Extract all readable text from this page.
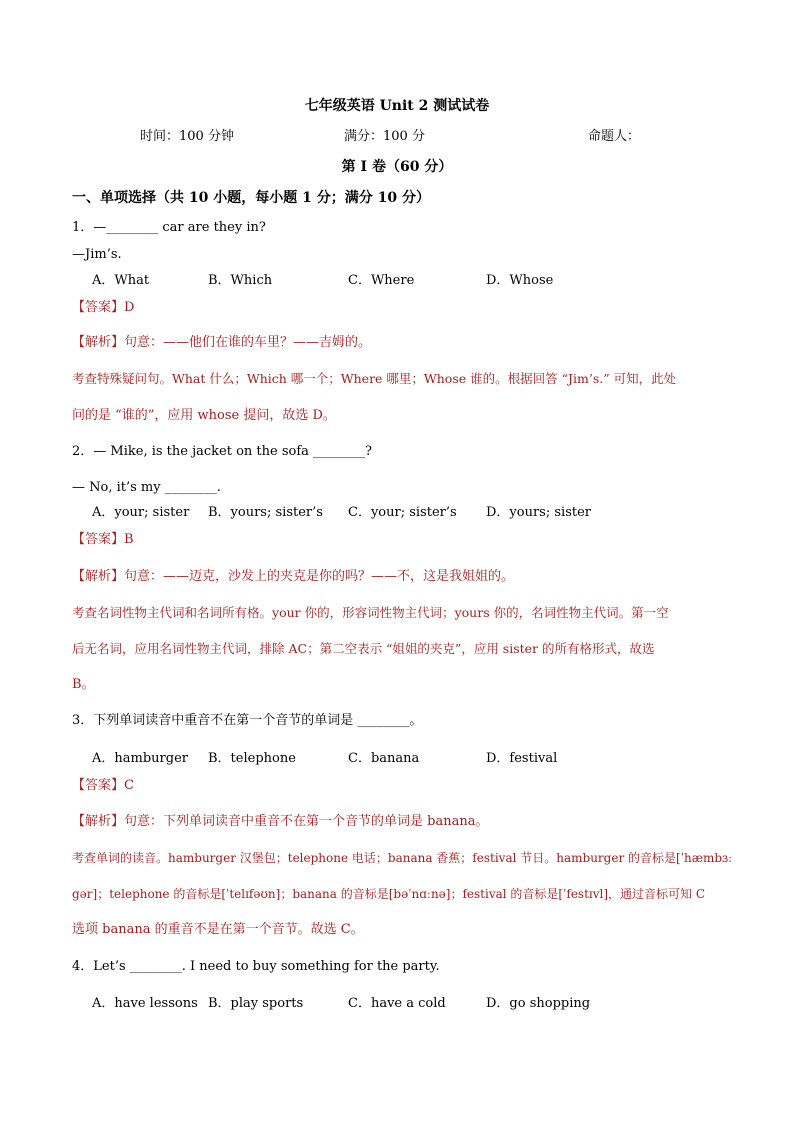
七年级英语 Unit 2 测试试卷
时间：100 分钟	满分：100 分	命题人：
第 I 卷（60 分）
一、单项选择（共 10 小题，每小题 1 分；满分 10 分）
1．—________ car are they in?
—Jim’s.
A．What	B．Which	C．Where	D．Whose
【答案】D
【解析】句意：——他们在谁的车里？——吉姆的。
考查特殊疑问句。What 什么；Which 哪一个；Where 哪里；Whose 谁的。根据回答 “Jim’s.” 可知，此处
问的是 “谁的”，应用 whose 提问，故选 D。
2．— Mike, is the jacket on the sofa ________?
— No, it’s my ________.
A．your; sister B．yours; sister’s C．your; sister’s D．yours; sister
【答案】B
【解析】句意：——迈克，沙发上的夹克是你的吗？——不，这是我姐姐的。
考查名词性物主代词和名词所有格。your 你的，形容词性物主代词；yours 你的，名词性物主代词。第一空
后无名词，应用名词性物主代词，排除 AC；第二空表示 “姐姐的夹克”，应用 sister 的所有格形式，故选
B。
3．下列单词读音中重音不在第一个音节的单词是 ________。
A．hamburger B．telephone	C．banana	D．festival
【答案】C
【解析】句意：下列单词读音中重音不在第一个音节的单词是 banana。
考查单词的读音。hamburger 汉堡包；telephone 电话；banana 香蕉；festival 节日。hamburger 的音标是[ˈhæmbɜː
gər]；telephone 的音标是[ˈtelɪfəʊn]；banana 的音标是[bəˈnɑːnə]；festival 的音标是[ˈfestɪvl]，通过音标可知 C
选项 banana 的重音不是在第一个音节。故选 C。
4．Let’s ________. I need to buy something for the party.
A．have lessons B．play sports	C．have a cold	D．go shopping
